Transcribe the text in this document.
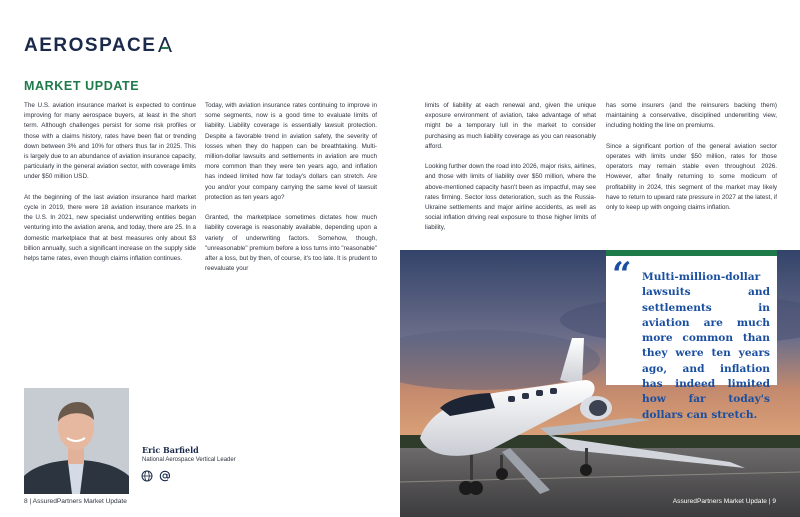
AEROSPACE
MARKET UPDATE

The U.S. aviation insurance market is expected to continue improving for many aerospace buyers, at least in the short term. Although challenges persist for some risk profiles or those with a claims history, rates have been flat or trending down between 3% and 10% for others thus far in 2025. This is largely due to an abundance of aviation insurance capacity, particularly in the general aviation sector, with coverage limits under $50 million USD.

At the beginning of the last aviation insurance hard market cycle in 2019, there were 18 aviation insurance markets in the U.S. In 2021, new specialist underwriting entities began venturing into the aviation arena, and today, there are 25. In a domestic marketplace that at best measures only about $3 billion annually, such a significant increase on the supply side helps tame rates, even though claims inflation continues.

Today, with aviation insurance rates continuing to improve in some segments, now is a good time to evaluate limits of liability. Liability coverage is essentially lawsuit protection. Despite a favorable trend in aviation safety, the severity of losses when they do happen can be breathtaking. Multi-million-dollar lawsuits and settlements in aviation are much more common than they were ten years ago, and inflation has indeed limited how far today's dollars can stretch. Are you and/or your company carrying the same level of lawsuit protection as ten years ago?

Granted, the marketplace sometimes dictates how much liability coverage is reasonably available, depending upon a variety of underwriting factors. Somehow, though, "unreasonable" premium before a loss turns into "reasonable" after a loss, but by then, of course, it's too late. It is prudent to reevaluate your

limits of liability at each renewal and, given the unique exposure environment of aviation, take advantage of what might be a temporary lull in the market to consider purchasing as much liability coverage as you can reasonably afford.

Looking further down the road into 2026, major risks, airlines, and those with limits of liability over $50 million, where the above-mentioned capacity hasn't been as impactful, may see rates firming. Sector loss deterioration, such as the Russia-Ukraine settlements and major airline accidents, as well as social inflation driving real exposure to those higher limits of liability,

has some insurers (and the reinsurers backing them) maintaining a conservative, disciplined underwriting view, including holding the line on premiums.

Since a significant portion of the general aviation sector operates with limits under $50 million, rates for those operators may remain stable even throughout 2026. However, after finally returning to some modicum of profitability in 2024, this segment of the market may likely have to return to upward rate pressure in 2027 at the latest, if only to keep up with ongoing claims inflation.

“ Multi-million-dollar lawsuits and settlements in aviation are much more common than they were ten years ago, and inflation has indeed limited how far today's dollars can stretch.
Eric Barfield
National Aerospace Vertical Leader
8 | AssuredPartners Market Update	AssuredPartners Market Update | 9
